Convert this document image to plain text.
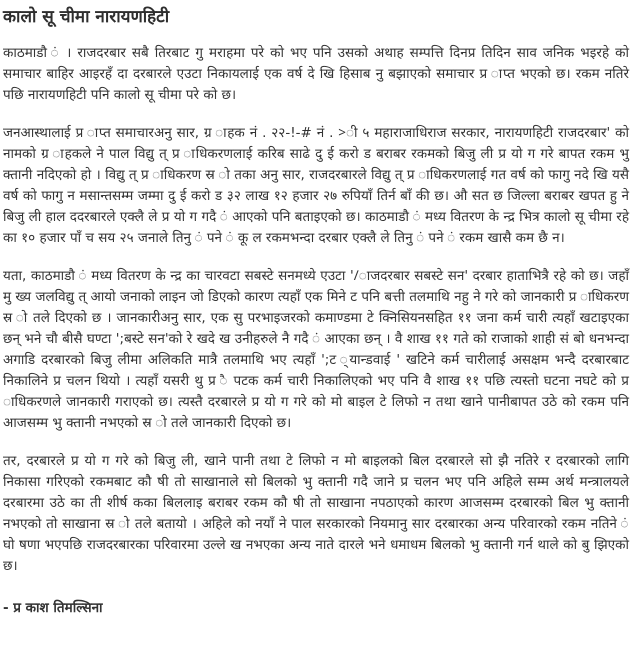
कालो सू चीमा नारायणहिटी

काठमाडौ ं । राजदरबार सबै तिरबाट गु मराहमा परे को भए पनि उसको अथाह सम्पत्ति दिनप्र तिदिन साव जनिक भइरहे को समाचार बाहिर आइरहँ दा दरबारले एउटा निकायलाई एक वर्ष दे खि हिसाब नु बझाएको समाचार प्र ाप्त भएको छ। रकम नतिरे पछि नारायणहिटी पनि कालो सू चीमा परे को छ।

जनआस्थालाई प्र ाप्त समाचारअनु सार, ग्र ाहक नं . २२-!-# नं . >ी ५ महाराजाधिराज सरकार, नारायणहिटी राजदरबार' को नामको ग्र ाहकले ने पाल विद्यु त् प्र ाधिकरणलाई करिब साढे दु ई करो ड बराबर रकमको बिजु ली प्र यो ग गरे बापत रकम भु क्तानी नदिएको हो । विद्यु त् प्र ाधिकरण स्र ो तका अनु सार, राजदरबारले विद्यु त् प्र ाधिकरणलाई गत वर्ष को फागु नदे खि यसै वर्ष को फागु न मसान्तसम्म जम्मा दु ई करो ड ३२ लाख १२ हजार २७ रुपियाँ तिर्न बाँ की छ। औ सत छ जिल्ला बराबर खपत हु ने बिजु ली हाल ददरबारले एक्लै ले प्र यो ग गदै ं आएको पनि बताइएको छ। काठमाडौ ं मध्य वितरण के न्द्र भित्र कालो सू चीमा रहे का १० हजार पाँ च सय २५ जनाले तिनु ं पने ं कू ल रकमभन्दा दरबार एक्लै ले तिनु ं पने ं रकम खासै कम छै न।

यता, काठमाडौ ं मध्य वितरण के न्द्र का चारवटा सबस्टे सनमध्ये एउटा '/ाजदरबार सबस्टे सन' दरबार हाताभित्रै रहे को छ। जहाँ मु ख्य जलविद्यु त् आयो जनाको लाइन जो डिएको कारण त्यहाँ एक मिने ट पनि बत्ती तलमाथि नहु ने गरे को जानकारी प्र ाधिकरण स्र ो तले दिएको छ । जानकारीअनु सार, एक सु परभाइजरको कमाण्डमा टे क्निसियनसहित ११ जना कर्म चारी त्यहाँ खटाइएका छन् भने चौ बीसै घण्टा ';बस्टे सन'को रे खदे ख उनीहरुले नै गदै ं आएका छन् । वै शाख ११ गते को राजाको शाही सं बो धनभन्दा अगाडि दरबारको बिजु लीमा अलिकति मात्रै तलमाथि भए त्यहाँ ';ट ्यान्डवाई ' खटिने कर्म चारीलाई असक्षम भन्दै दरबारबाट निकालिने प्र चलन थियो । त्यहाँ यसरी थु प्र ै पटक कर्म चारी निकालिएको भए पनि वै शाख ११ पछि त्यस्तो घटना नघटे को प्र ाधिकरणले जानकारी गराएको छ। त्यस्तै दरबारले प्र यो ग गरे को मो बाइल टे लिफो न तथा खाने पानीबापत उठे को रकम पनि आजसम्म भु क्तानी नभएको स्र ो तले जानकारी दिएको छ।

तर, दरबारले प्र यो ग गरे को बिजु ली, खाने पानी तथा टे लिफो न मो बाइलको बिल दरबारले सो झै नतिरे र दरबारको लागि निकासा गरिएको रकमबाट कौ षी तो साखानाले सो बिलको भु क्तानी गदै जाने प्र चलन भए पनि अहिले सम्म अर्थ मन्त्रालयले दरबारमा उठे का ती शीर्ष कका बिललाइ बराबर रकम कौ षी तो साखाना नपठाएको कारण आजसम्म दरबारको बिल भु क्तानी नभएको तो साखाना स्र ो तले बतायो । अहिले को नयाँ ने पाल सरकारको नियमानु सार दरबारका अन्य परिवारको रकम नतिने ं घो षणा भएपछि राजदरबारका परिवारमा उल्ले ख नभएका अन्य नाते दारले भने धमाधम बिलको भु क्तानी गर्न थाले को बु झिएको छ।

- प्र काश तिमल्सिना
